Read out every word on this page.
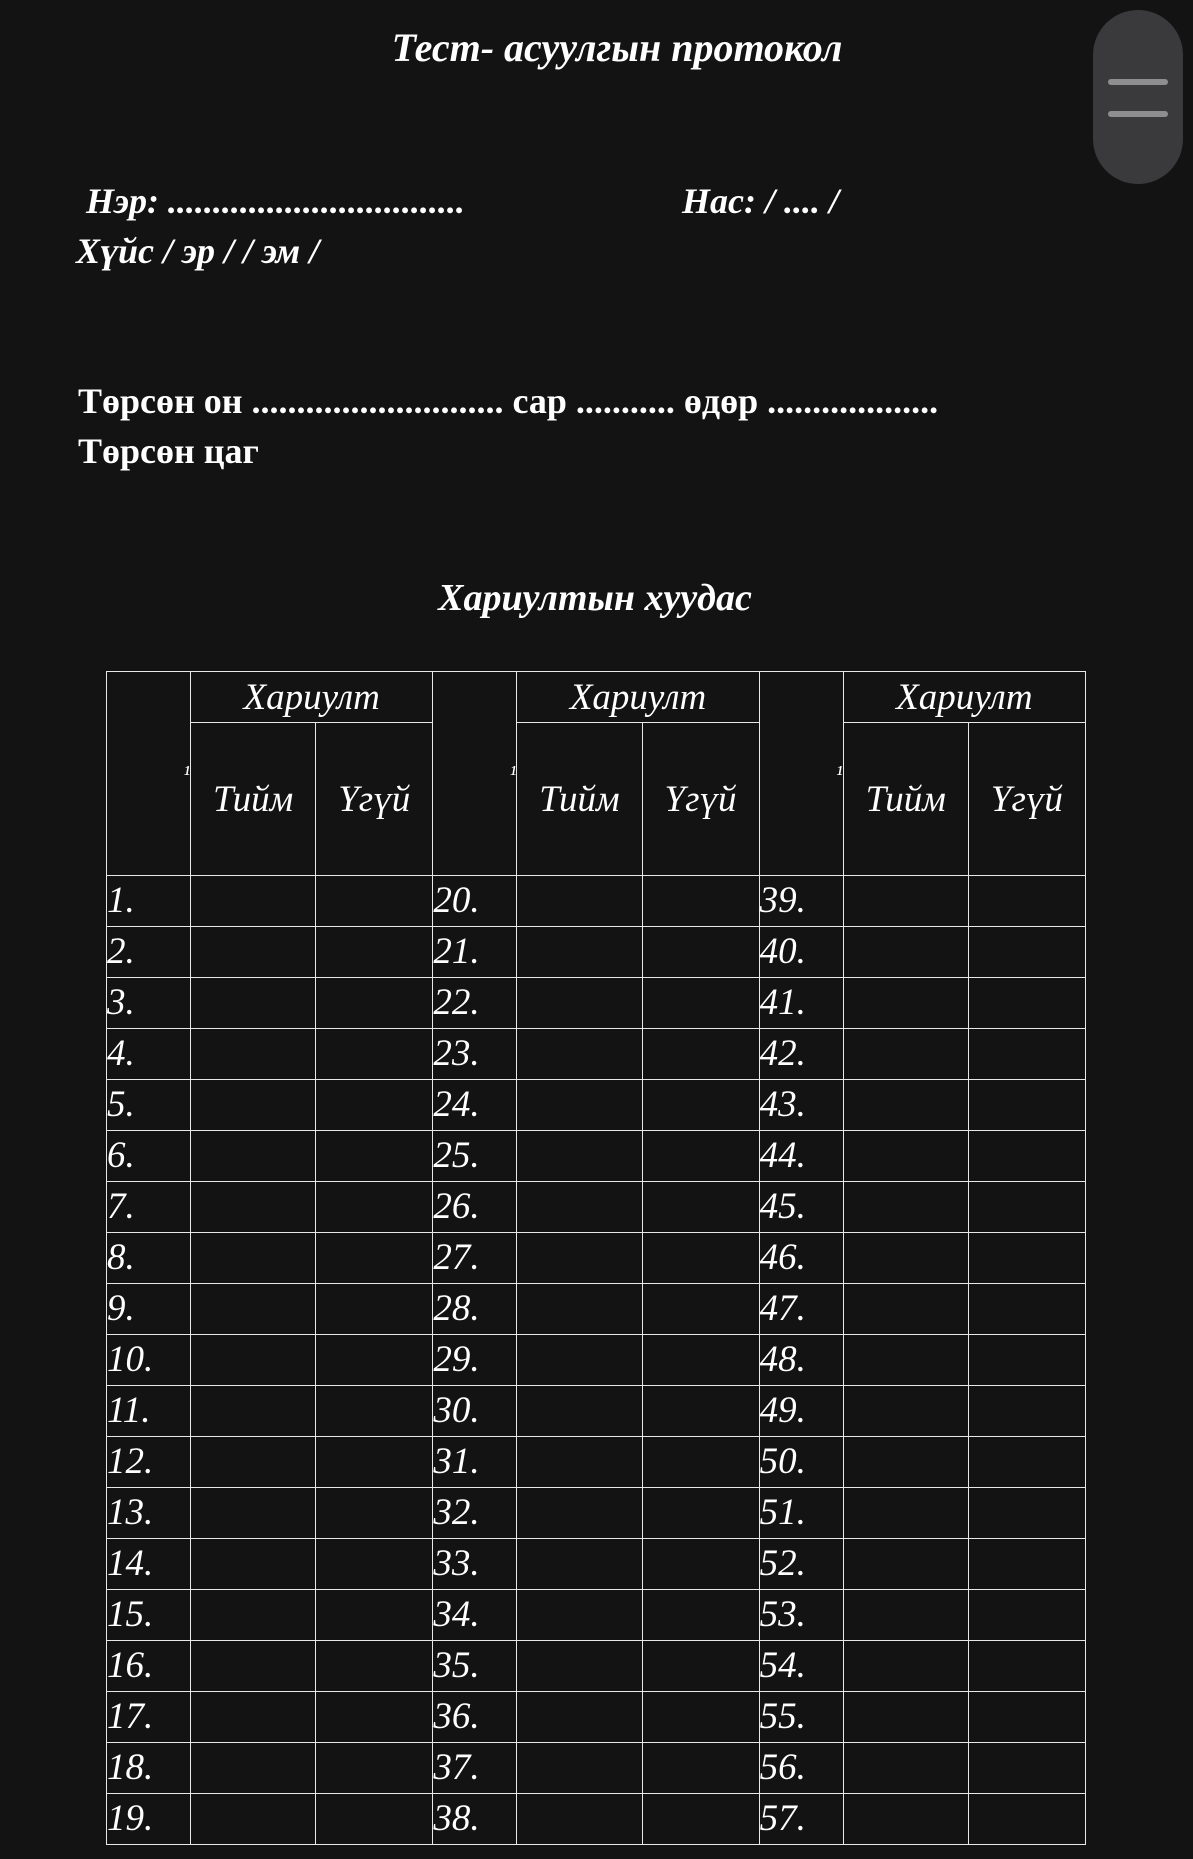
Тест- асуулгын протокол
Нэр: .................................	Нас: / .... /
Хүйс / эр / / эм /
Төрсөн он ............................ сар ........... өдөр ...................
Төрсөн цаг
Хариултын хуудас
¹	Хариулт		¹	Хариулт		¹	Хариулт	
	Тийм	Үгүй		Тийм	Үгүй		Тийм	Үгүй
1.			20.			39.		
2.			21.			40.		
3.			22.			41.		
4.			23.			42.		
5.			24.			43.		
6.			25.			44.		
7.			26.			45.		
8.			27.			46.		
9.			28.			47.		
10.			29.			48.		
11.			30.			49.		
12.			31.			50.		
13.			32.			51.		
14.			33.			52.		
15.			34.			53.		
16.			35.			54.		
17.			36.			55.		
18.			37.			56.		
19.			38.			57.		
